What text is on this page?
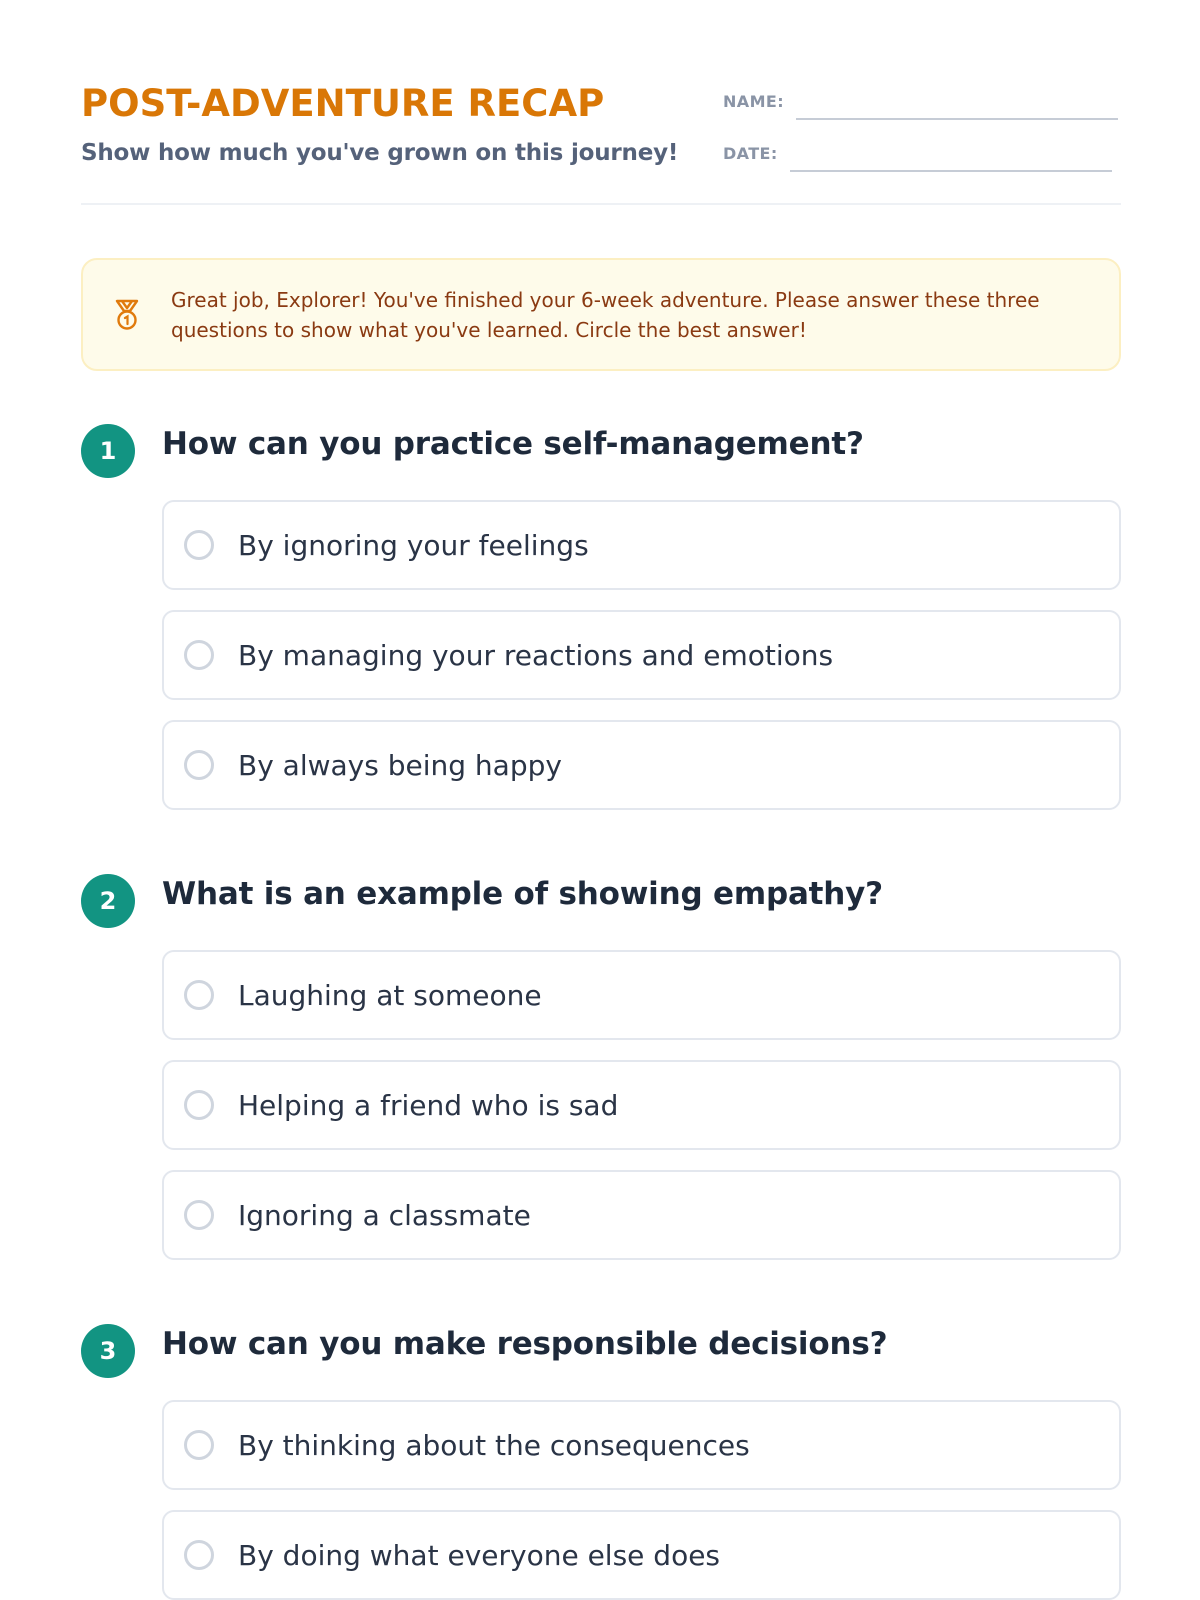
POST-ADVENTURE RECAP
Show how much you've grown on this journey!
NAME:
DATE:
Great job, Explorer! You've finished your 6-week adventure. Please answer these three questions to show what you've learned. Circle the best answer!
1	How can you practice self-management?
By ignoring your feelings
By managing your reactions and emotions
By always being happy
2	What is an example of showing empathy?
Laughing at someone
Helping a friend who is sad
Ignoring a classmate
3	How can you make responsible decisions?
By thinking about the consequences
By doing what everyone else does
